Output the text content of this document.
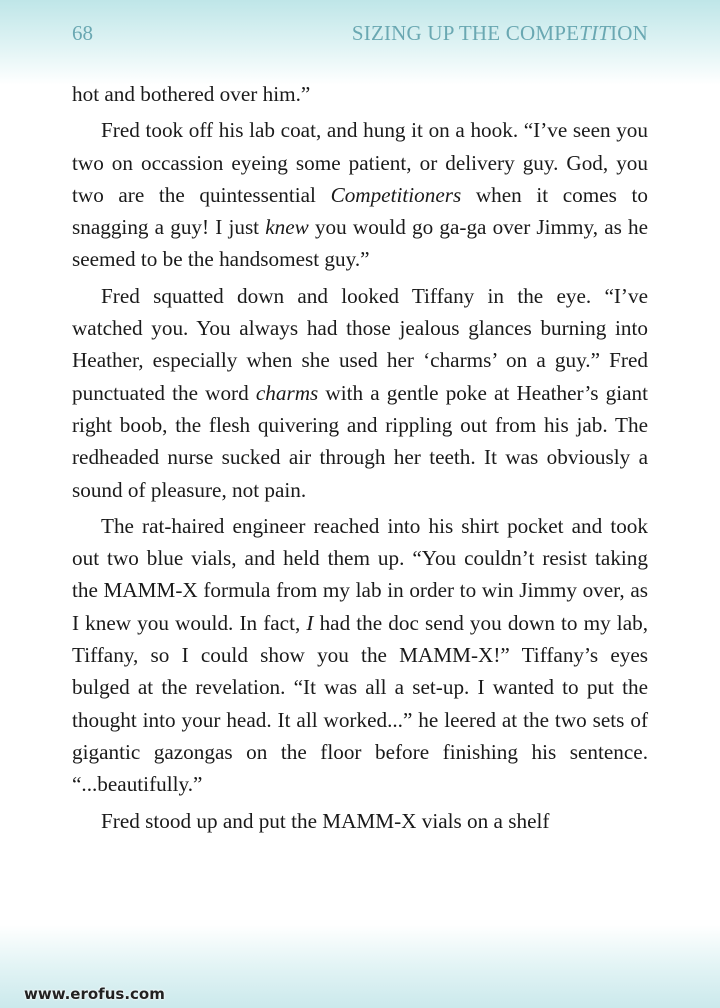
68	SIZING UP THE COMPETITION

hot and bothered over him.”

Fred took off his lab coat, and hung it on a hook. “I’ve seen you two on occassion eyeing some patient, or delivery guy. God, you two are the quintessential Competitioners when it comes to snagging a guy! I just knew you would go ga-ga over Jimmy, as he seemed to be the handsomest guy.”

Fred squatted down and looked Tiffany in the eye. “I’ve watched you. You always had those jealous glances burning into Heather, especially when she used her ‘charms’ on a guy.” Fred punctuated the word charms with a gentle poke at Heather’s giant right boob, the flesh quivering and rippling out from his jab. The redheaded nurse sucked air through her teeth. It was obviously a sound of pleasure, not pain.

The rat-haired engineer reached into his shirt pocket and took out two blue vials, and held them up. “You couldn’t resist taking the MAMM-X formula from my lab in order to win Jimmy over, as I knew you would. In fact, I had the doc send you down to my lab, Tiffany, so I could show you the MAMM-X!” Tiffany’s eyes bulged at the revelation. “It was all a set-up. I wanted to put the thought into your head. It all worked...” he leered at the two sets of gigantic gazongas on the floor before finishing his sentence. “...beautifully.”

Fred stood up and put the MAMM-X vials on a shelf

www.erofus.com
